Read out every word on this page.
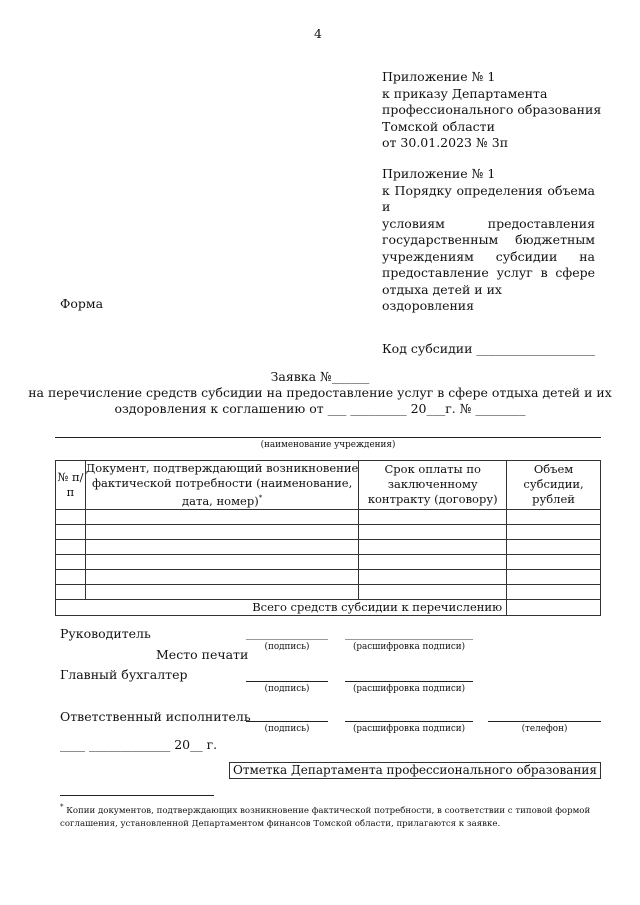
4
Приложение № 1
к приказу Департамента
профессионального образования
Томской области
от 30.01.2023 № 3п
Приложение № 1
к Порядку определения объема и
условиям предоставления
государственным бюджетным
учреждениям субсидии на
предоставление услуг в сфере
отдыха детей и их оздоровления
Форма
Код субсидии ___________________
Заявка №______
на перечисление средств субсидии на предоставление услуг в сфере отдыха детей и их
оздоровления к соглашению от ___ _________ 20___г. № ________
(наименование учреждения)
№ п/п	Документ, подтверждающий возникновение фактической потребности (наименование, дата, номер)*	Срок оплаты по заключенному контракту (договору)	Объем субсидии, рублей

Всего средств субсидии к перечислению			
Руководитель
Место печати	(подпись)	(расшифровка подписи)
Главный бухгалтер
(подпись)	(расшифровка подписи)
Ответственный исполнитель
(подпись)	(расшифровка подписи)	(телефон)
____ _____________ 20__ г.
Отметка Департамента профессионального образования
* Копии документов, подтверждающих возникновение фактической потребности, в соответствии с типовой формой
соглашения, установленной Департаментом финансов Томской области, прилагаются к заявке.
